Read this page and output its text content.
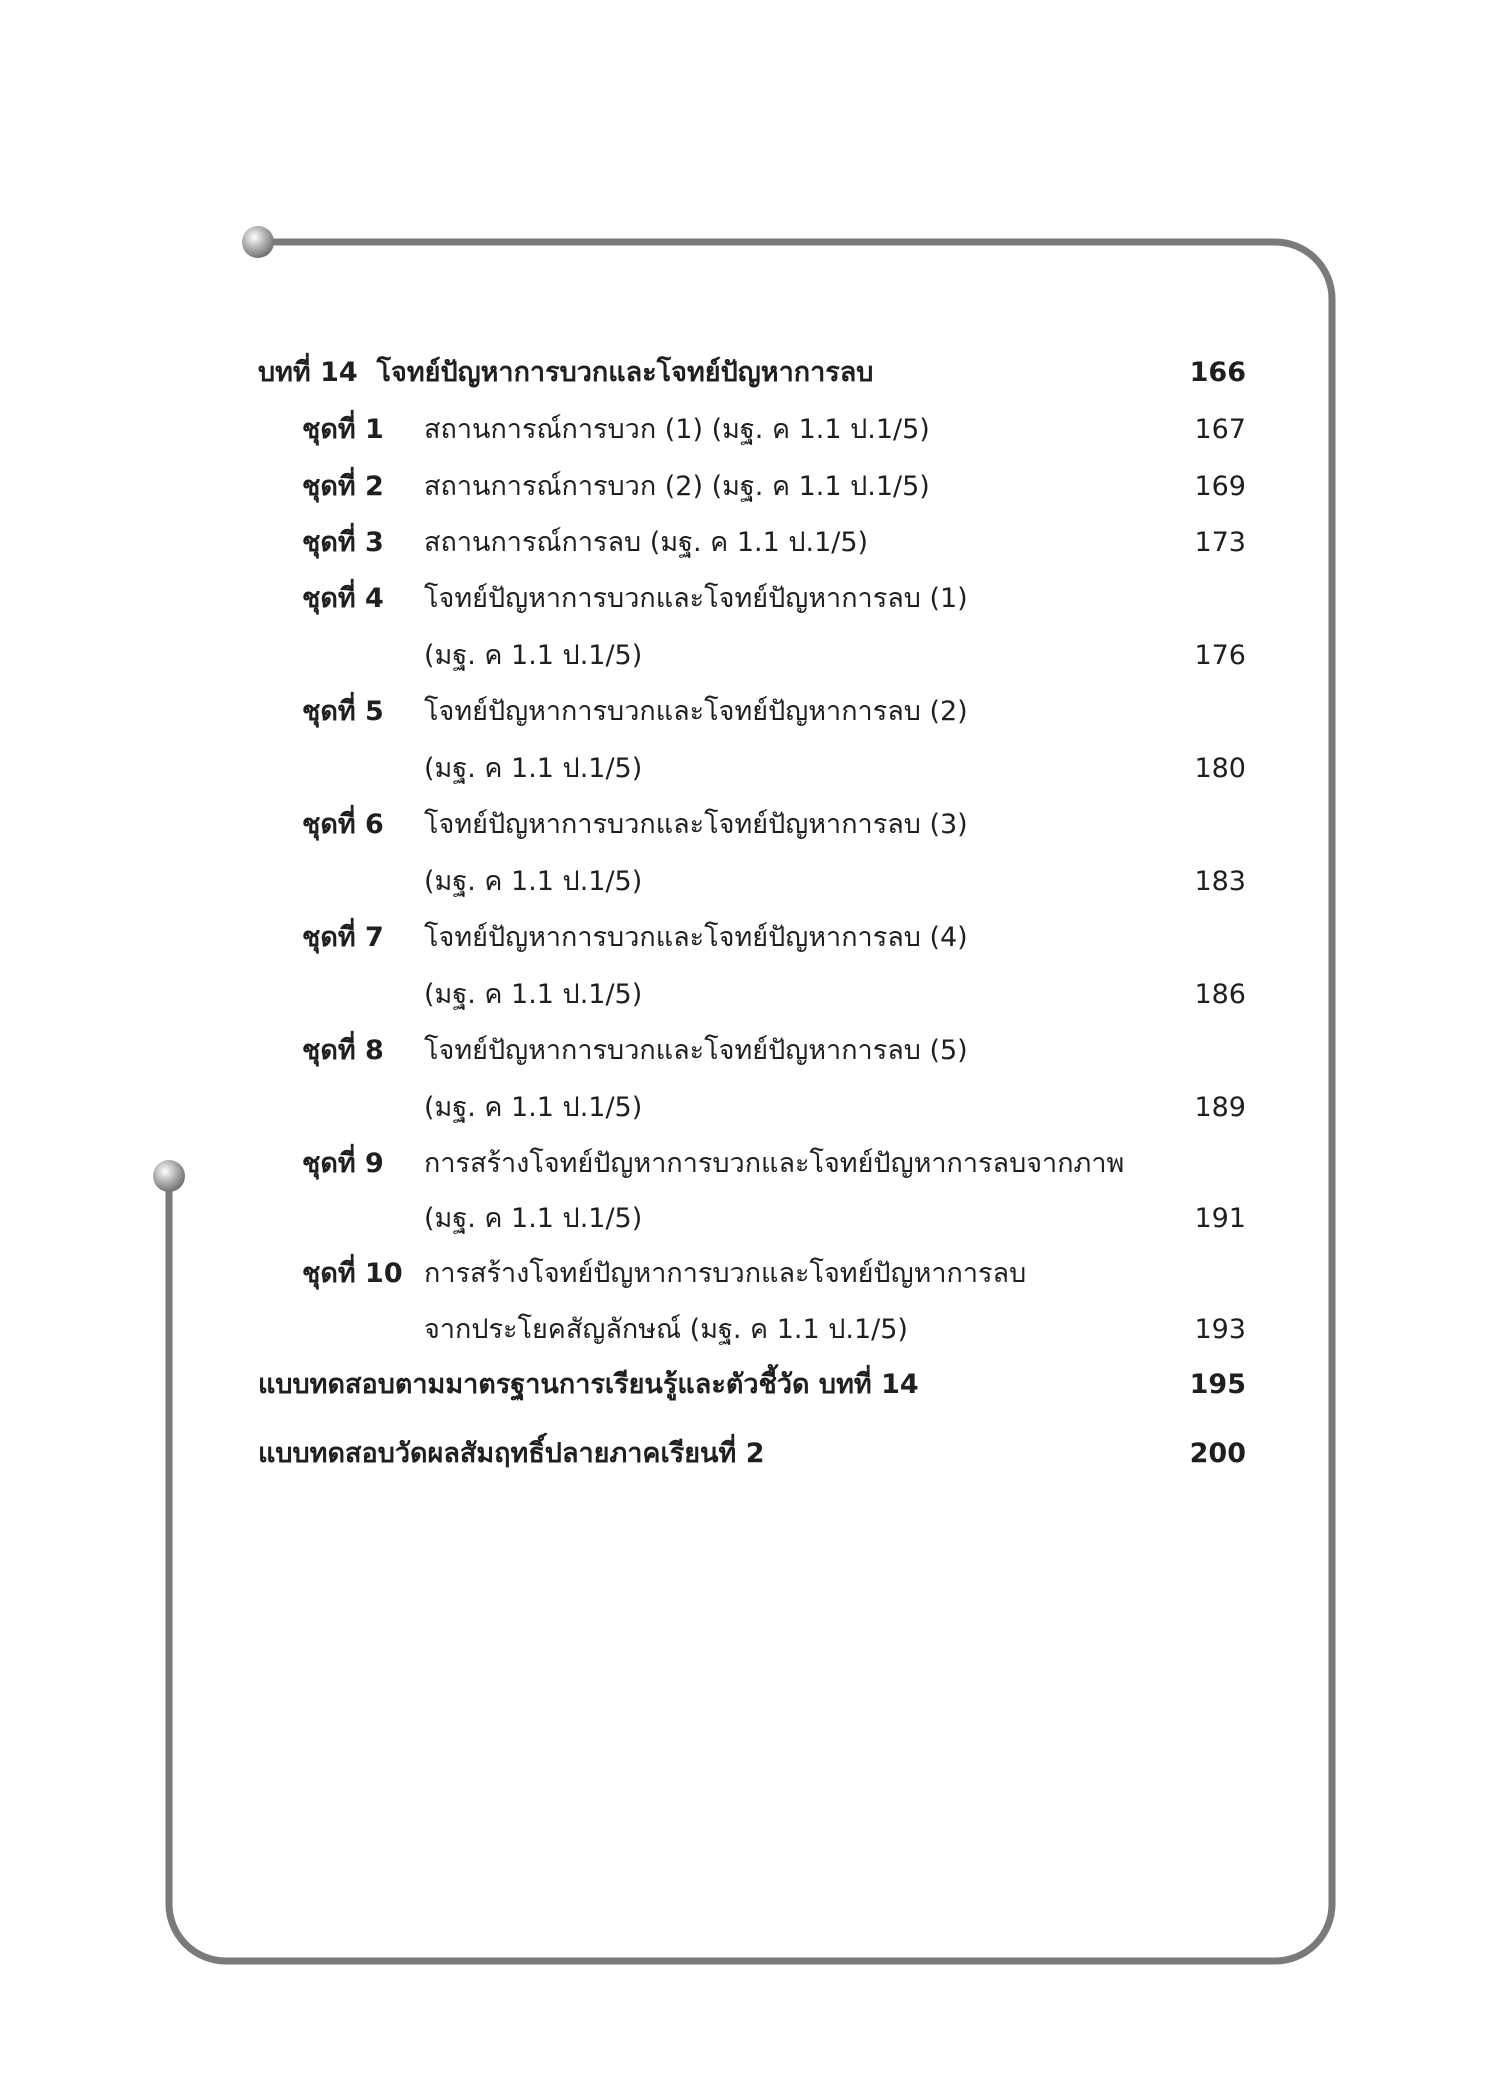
บทที่ 14 โจทย์ปัญหาการบวกและโจทย์ปัญหาการลบ	166
ชุดที่ 1 สถานการณ์การบวก (1) (มฐ. ค 1.1 ป.1/5)	167
ชุดที่ 2 สถานการณ์การบวก (2) (มฐ. ค 1.1 ป.1/5)	169
ชุดที่ 3 สถานการณ์การลบ (มฐ. ค 1.1 ป.1/5)	173
ชุดที่ 4 โจทย์ปัญหาการบวกและโจทย์ปัญหาการลบ (1)
(มฐ. ค 1.1 ป.1/5)	176
ชุดที่ 5 โจทย์ปัญหาการบวกและโจทย์ปัญหาการลบ (2)
(มฐ. ค 1.1 ป.1/5)	180
ชุดที่ 6 โจทย์ปัญหาการบวกและโจทย์ปัญหาการลบ (3)
(มฐ. ค 1.1 ป.1/5)	183
ชุดที่ 7 โจทย์ปัญหาการบวกและโจทย์ปัญหาการลบ (4)
(มฐ. ค 1.1 ป.1/5)	186
ชุดที่ 8 โจทย์ปัญหาการบวกและโจทย์ปัญหาการลบ (5)
(มฐ. ค 1.1 ป.1/5)	189
ชุดที่ 9 การสร้างโจทย์ปัญหาการบวกและโจทย์ปัญหาการลบจากภาพ
(มฐ. ค 1.1 ป.1/5)	191
ชุดที่ 10 การสร้างโจทย์ปัญหาการบวกและโจทย์ปัญหาการลบ
จากประโยคสัญลักษณ์ (มฐ. ค 1.1 ป.1/5)	193
แบบทดสอบตามมาตรฐานการเรียนรู้และตัวชี้วัด บทที่ 14	195
แบบทดสอบวัดผลสัมฤทธิ์ปลายภาคเรียนที่ 2	200
